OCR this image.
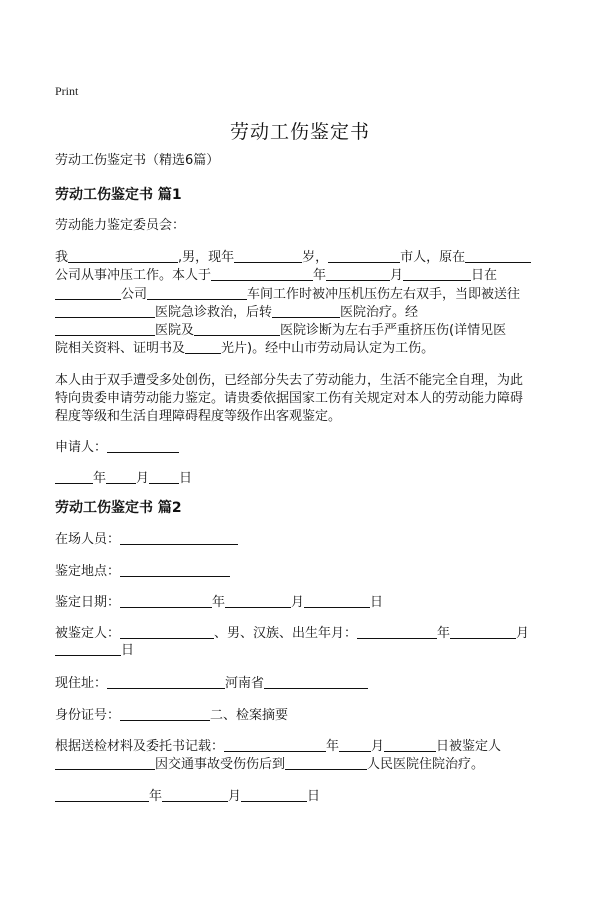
Print
劳动工伤鉴定书
劳动工伤鉴定书（精选6篇）
劳动工伤鉴定书 篇1
劳动能力鉴定委员会：
我	,男，现年	岁，	市人，原在
公司从事冲压工作。本人于	年	月	日在
公司	车间工作时被冲压机压伤左右双手，当即被送往
医院急诊救治，后转	医院治疗。经
医院及	医院诊断为左右手严重挤压伤(详情见医
院相关资料、证明书及	光片)。经中山市劳动局认定为工伤。
本人由于双手遭受多处创伤，已经部分失去了劳动能力，生活不能完全自理，为此
特向贵委申请劳动能力鉴定。请贵委依据国家工伤有关规定对本人的劳动能力障碍
程度等级和生活自理障碍程度等级作出客观鉴定。
申请人：
年 月 日
劳动工伤鉴定书 篇2
在场人员：
鉴定地点：
鉴定日期：	年	月	日
被鉴定人：	、男、汉族、出生年月：	年	月
日
现住址：	河南省
身份证号：	二、检案摘要
根据送检材料及委托书记载：	年 月	日被鉴定人
因交通事故受伤伤后到	人民医院住院治疗。
年	月	日
